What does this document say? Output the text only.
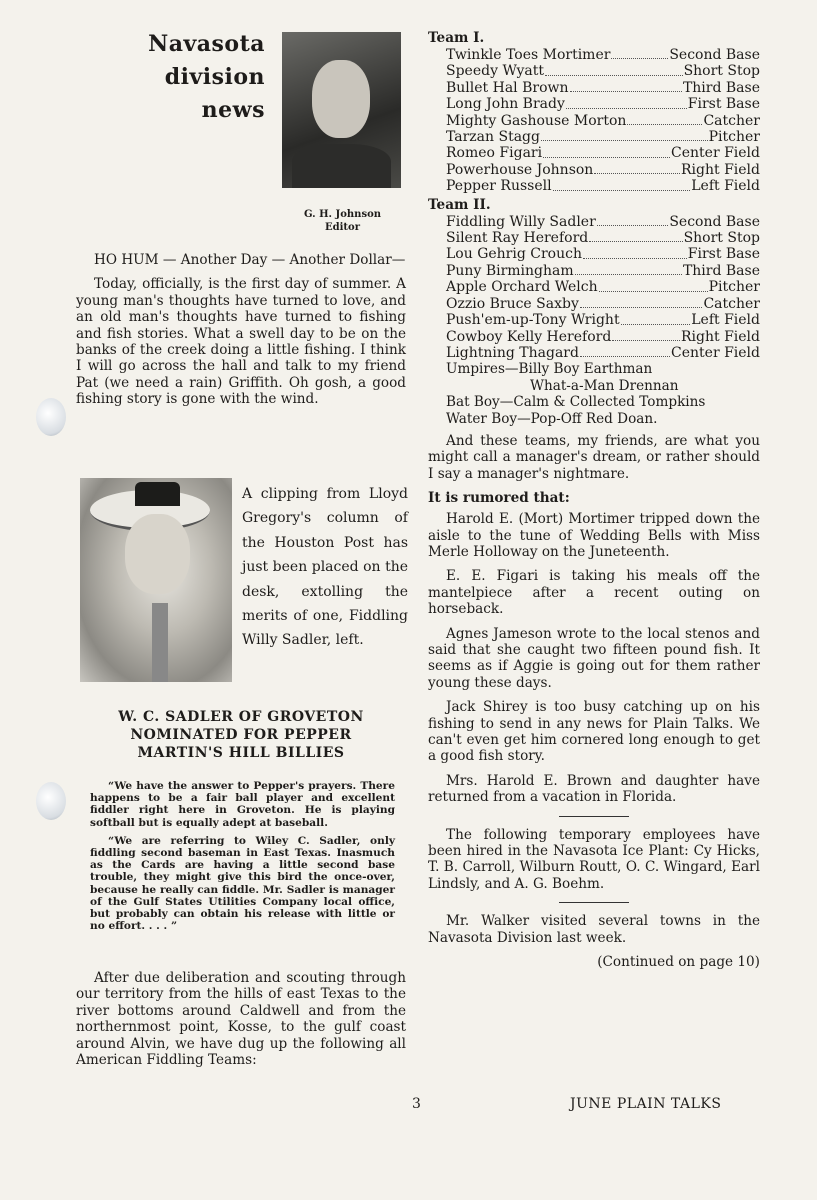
Navasota
division
news
G. H. Johnson
Editor

HO HUM — Another Day — Another Dollar—

Today, officially, is the first day of summer. A young man's thoughts have turned to love, and an old man's thoughts have turned to fishing and fish stories. What a swell day to be on the banks of the creek doing a little fishing. I think I will go across the hall and talk to my friend Pat (we need a rain) Griffith. Oh gosh, a good fishing story is gone with the wind.

A clipping from Lloyd Gregory's column of the Houston Post has just been placed on the desk, extolling the merits of one, Fiddling Willy Sadler, left.
W. C. SADLER OF GROVETON
NOMINATED FOR PEPPER
MARTIN'S HILL BILLIES

“We have the answer to Pepper's prayers. There happens to be a fair ball player and excellent fiddler right here in Groveton. He is playing softball but is equally adept at baseball.

“We are referring to Wiley C. Sadler, only fiddling second baseman in East Texas. Inasmuch as the Cards are having a little second base trouble, they might give this bird the once-over, because he really can fiddle. Mr. Sadler is manager of the Gulf States Utilities Company local office, but probably can obtain his release with little or no effort. . . . ”

After due deliberation and scouting through our territory from the hills of east Texas to the river bottoms around Caldwell and from the northernmost point, Kosse, to the gulf coast around Alvin, we have dug up the following all American Fiddling Teams:

Team I.
Twinkle Toes Mortimer	Second Base
Speedy Wyatt	Short Stop
Bullet Hal Brown	Third Base
Long John Brady	First Base
Mighty Gashouse Morton	Catcher
Tarzan Stagg	Pitcher
Romeo Figari	Center Field
Powerhouse Johnson	Right Field
Pepper Russell	Left Field
Team II.
Fiddling Willy Sadler	Second Base
Silent Ray Hereford	Short Stop
Lou Gehrig Crouch	First Base
Puny Birmingham	Third Base
Apple Orchard Welch	Pitcher
Ozzio Bruce Saxby	Catcher
Push'em-up-Tony Wright	Left Field
Cowboy Kelly Hereford	Right Field
Lightning Thagard	Center Field
Umpires—Billy Boy Earthman
What-a-Man Drennan
Bat Boy—Calm & Collected Tompkins
Water Boy—Pop-Off Red Doan.

And these teams, my friends, are what you might call a manager's dream, or rather should I say a manager's nightmare.

It is rumored that:

Harold E. (Mort) Mortimer tripped down the aisle to the tune of Wedding Bells with Miss Merle Holloway on the Juneteenth.

E. E. Figari is taking his meals off the mantelpiece after a recent outing on horseback.

Agnes Jameson wrote to the local stenos and said that she caught two fifteen pound fish. It seems as if Aggie is going out for them rather young these days.

Jack Shirey is too busy catching up on his fishing to send in any news for Plain Talks. We can't even get him cornered long enough to get a good fish story.

Mrs. Harold E. Brown and daughter have returned from a vacation in Florida.

The following temporary employees have been hired in the Navasota Ice Plant: Cy Hicks, T. B. Carroll, Wilburn Routt, O. C. Wingard, Earl Lindsly, and A. G. Boehm.

Mr. Walker visited several towns in the Navasota Division last week.

(Continued on page 10)
3	JUNE PLAIN TALKS
